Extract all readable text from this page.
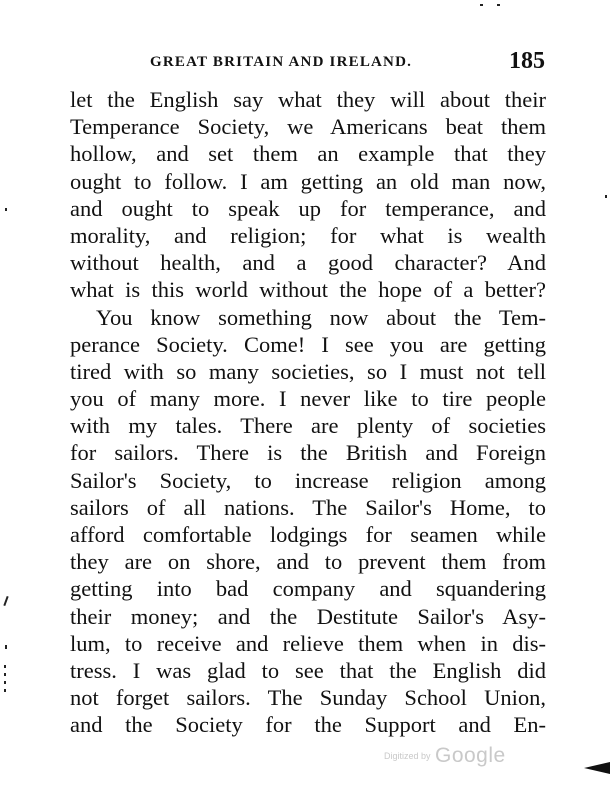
GREAT BRITAIN AND IRELAND.	185
let the English say what they will about their
Temperance Society, we Americans beat them
hollow, and set them an example that they
ought to follow. I am getting an old man now,
and ought to speak up for temperance, and
morality, and religion; for what is wealth
without health, and a good character? And
what is this world without the hope of a better?
You know something now about the Tem-
perance Society. Come! I see you are getting
tired with so many societies, so I must not tell
you of many more. I never like to tire people
with my tales. There are plenty of societies
for sailors. There is the British and Foreign
Sailor's Society, to increase religion among
sailors of all nations. The Sailor's Home, to
afford comfortable lodgings for seamen while
they are on shore, and to prevent them from
getting into bad company and squandering
their money; and the Destitute Sailor's Asy-
lum, to receive and relieve them when in dis-
tress. I was glad to see that the English did
not forget sailors. The Sunday School Union,
and the Society for the Support and En-
Digitized by Google
